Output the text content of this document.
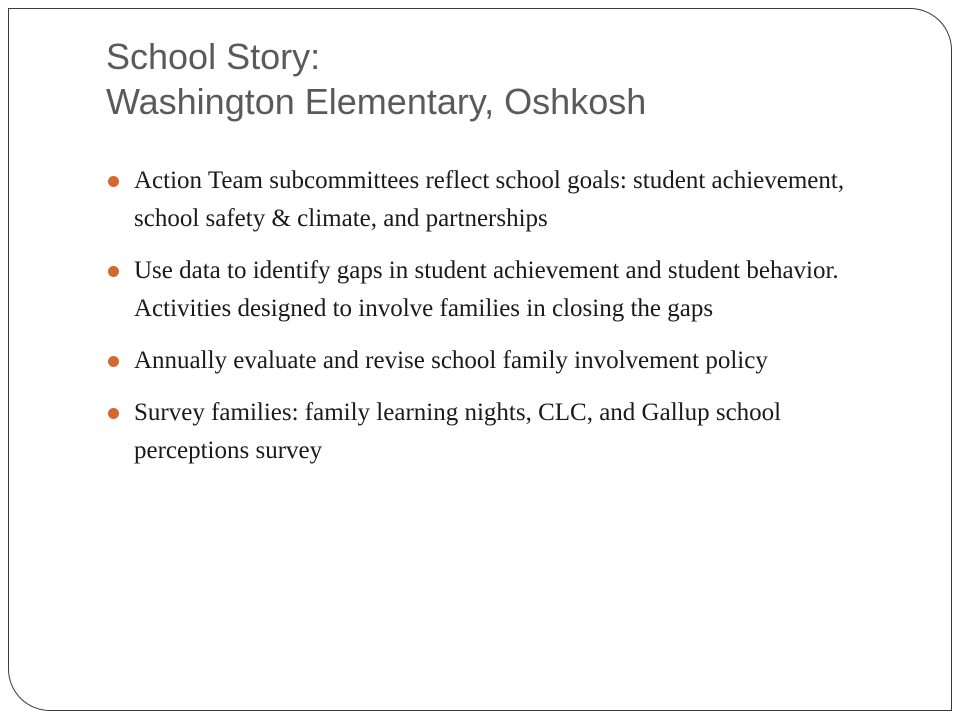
School Story:
Washington Elementary, Oshkosh
Action Team subcommittees reflect school goals: student achievement, school safety & climate, and partnerships
Use data to identify gaps in student achievement and student behavior. Activities designed to involve families in closing the gaps
Annually evaluate and revise school family involvement policy
Survey families: family learning nights, CLC, and Gallup school perceptions survey
